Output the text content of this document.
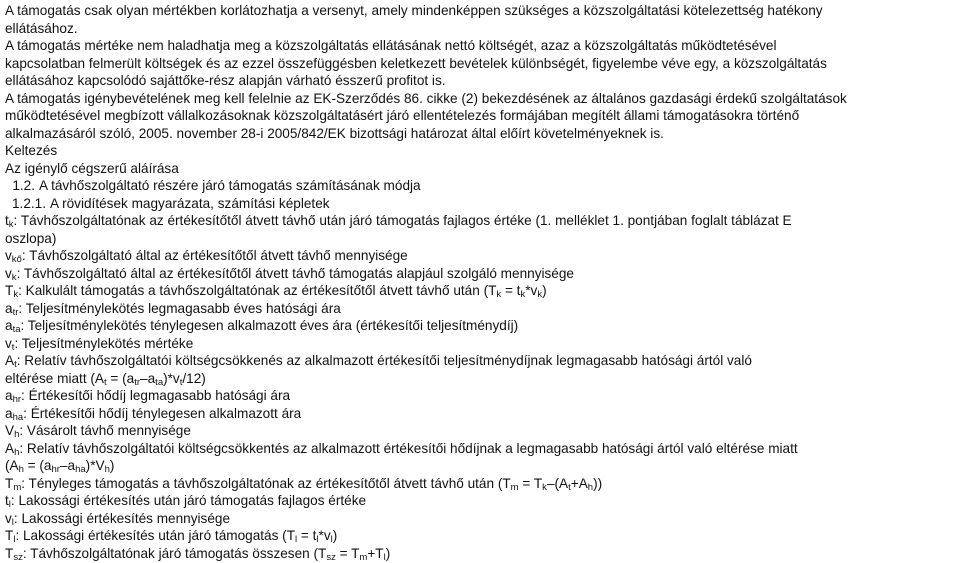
A támogatás csak olyan mértékben korlátozhatja a versenyt, amely mindenképpen szükséges a közszolgáltatási kötelezettség hatékony

ellátásához.

A támogatás mértéke nem haladhatja meg a közszolgáltatás ellátásának nettó költségét, azaz a közszolgáltatás működtetésével

kapcsolatban felmerült költségek és az ezzel összefüggésben keletkezett bevételek különbségét, figyelembe véve egy, a közszolgáltatás

ellátásához kapcsolódó sajáttőke-rész alapján várható ésszerű profitot is.

A támogatás igénybevételének meg kell felelnie az EK-Szerződés 86. cikke (2) bekezdésének az általános gazdasági érdekű szolgáltatások

működtetésével megbízott vállalkozásoknak közszolgáltatásért járó ellentételezés formájában megítélt állami támogatásokra történő

alkalmazásáról szóló, 2005. november 28-i 2005/842/EK bizottsági határozat által előírt követelményeknek is.

Keltezés

Az igénylő cégszerű aláírása

1.2. A távhőszolgáltató részére járó támogatás számításának módja

1.2.1. A rövidítések magyarázata, számítási képletek

$t_k$: Távhőszolgáltatónak az értékesítőtől átvett távhő után járó támogatás fajlagos értéke (1. melléklet 1. pontjában foglalt táblázat E

oszlopa)

$v_{kő}$: Távhőszolgáltató által az értékesítőtől átvett távhő mennyisége

$v_k$: Távhőszolgáltató által az értékesítőtől átvett távhő támogatás alapjául szolgáló mennyisége

$T_k$: Kalkulált támogatás a távhőszolgáltatónak az értékesítőtől átvett távhő után $(T_k = t_k*v_k)$

$a_{tr}$: Teljesítménylekötés legmagasabb éves hatósági ára

$a_{ta}$: Teljesítménylekötés ténylegesen alkalmazott éves ára (értékesítői teljesítménydíj)

$v_t$: Teljesítménylekötés mértéke

$A_t$: Relatív távhőszolgáltatói költségcsökkenés az alkalmazott értékesítői teljesítménydíjnak legmagasabb hatósági ártól való

eltérése miatt $(A_t = (a_{tr}-a_{ta})*v_t/12)$

$a_{hr}$: Értékesítői hődíj legmagasabb hatósági ára

$a_{ha}$: Értékesítői hődíj ténylegesen alkalmazott ára

$V_h$: Vásárolt távhő mennyisége

$A_h$: Relatív távhőszolgáltatói költségcsökkentés az alkalmazott értékesítői hődíjnak a legmagasabb hatósági ártól való eltérése miatt

$(A_h = (a_{hr}-a_{ha})*V_h)$

$T_m$: Tényleges támogatás a távhőszolgáltatónak az értékesítőtől átvett távhő után $(T_m = T_k-(A_t+A_h))$

$t_l$: Lakossági értékesítés után járó támogatás fajlagos értéke

$v_l$: Lakossági értékesítés mennyisége

$T_l$: Lakossági értékesítés után járó támogatás $(T_l = t_l*v_l)$

$T_{sz}$: Távhőszolgáltatónak járó támogatás összesen $(T_{sz} = T_m+T_l)$
